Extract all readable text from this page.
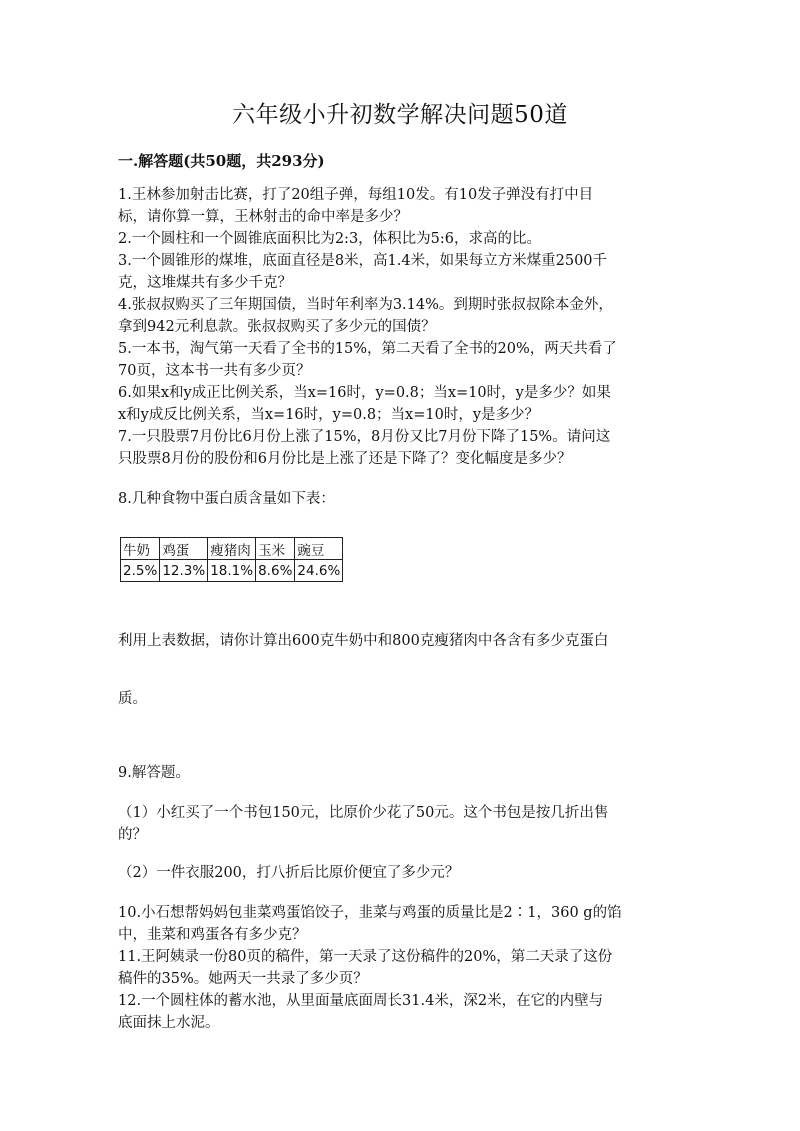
六年级小升初数学解决问题50道
一.解答题(共50题，共293分)
1.王林参加射击比赛，打了20组子弹，每组10发。有10发子弹没有打中目
标，请你算一算，王林射击的命中率是多少？
2.一个圆柱和一个圆锥底面积比为2:3，体积比为5:6，求高的比。
3.一个圆锥形的煤堆，底面直径是8米，高1.4米，如果每立方米煤重2500千
克，这堆煤共有多少千克？
4.张叔叔购买了三年期国债，当时年利率为3.14%。到期时张叔叔除本金外，
拿到942元利息款。张叔叔购买了多少元的国债？
5.一本书，淘气第一天看了全书的15%，第二天看了全书的20%，两天共看了
70页，这本书一共有多少页？
6.如果x和y成正比例关系，当x=16时，y=0.8；当x=10时，y是多少？如果
x和y成反比例关系，当x=16时，y=0.8；当x=10时，y是多少？
7.一只股票7月份比6月份上涨了15%，8月份又比7月份下降了15%。请问这
只股票8月份的股份和6月份比是上涨了还是下降了？变化幅度是多少？
8.几种食物中蛋白质含量如下表：
牛奶	鸡蛋	瘦猪肉	玉米	豌豆
2.5%	12.3%	18.1%	8.6%	24.6%
利用上表数据，请你计算出600克牛奶中和800克瘦猪肉中各含有多少克蛋白
质。
9.解答题。
（1）小红买了一个书包150元，比原价少花了50元。这个书包是按几折出售
的？
（2）一件衣服200，打八折后比原价便宜了多少元？
10.小石想帮妈妈包韭菜鸡蛋馅饺子，韭菜与鸡蛋的质量比是2∶1，360 g的馅
中，韭菜和鸡蛋各有多少克？
11.王阿姨录一份80页的稿件，第一天录了这份稿件的20%，第二天录了这份
稿件的35%。她两天一共录了多少页？
12.一个圆柱体的蓄水池，从里面量底面周长31.4米，深2米，在它的内壁与
底面抹上水泥。
